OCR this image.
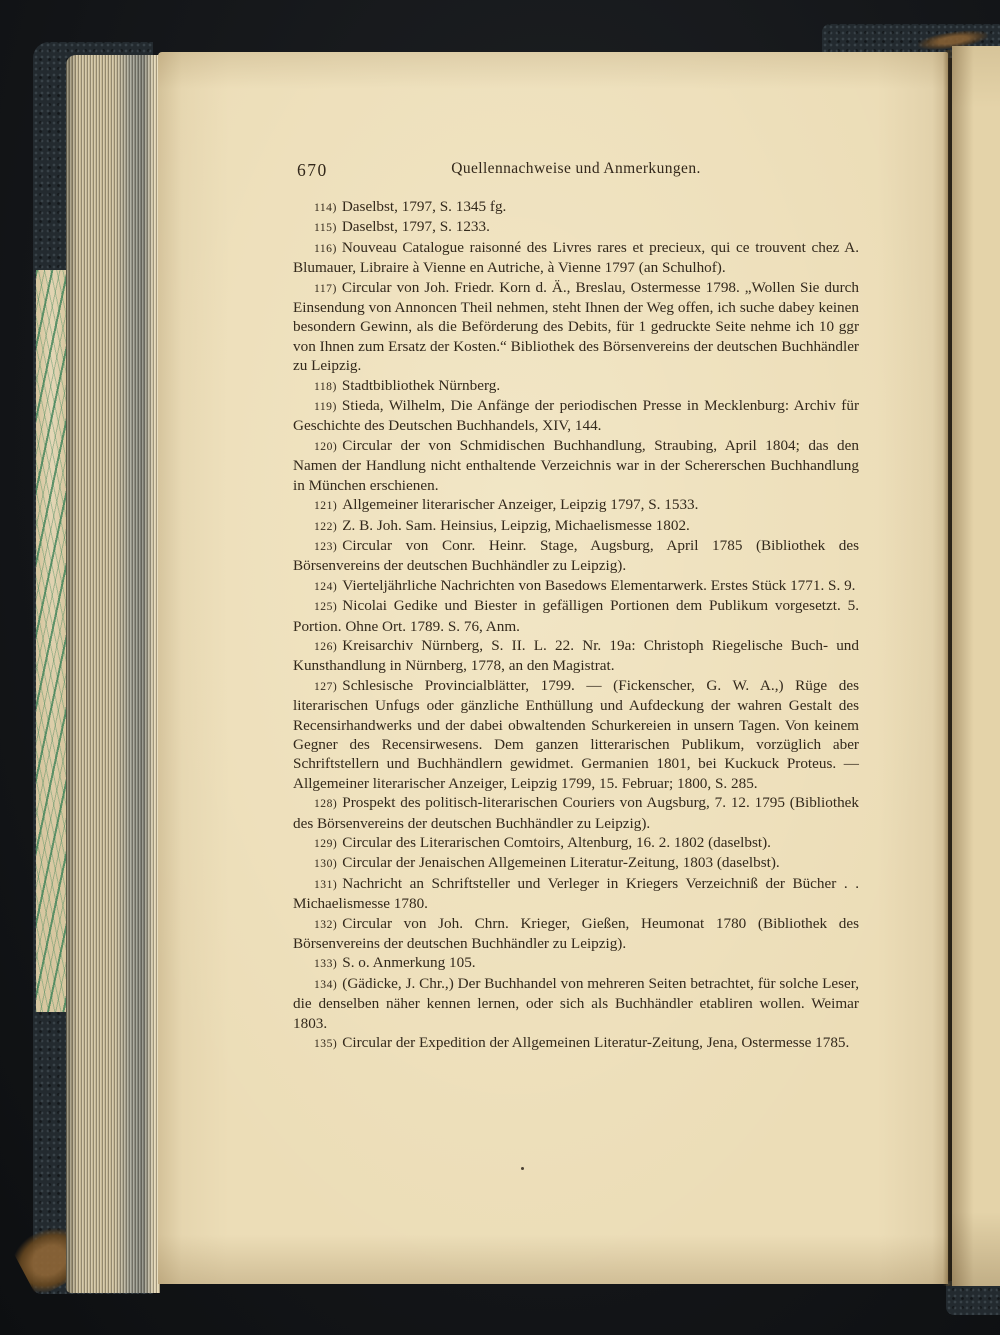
670	Quellennachweise und Anmerkungen.

114) Daselbst, 1797, S. 1345 fg.

115) Daselbst, 1797, S. 1233.

116) Nouveau Catalogue raisonné des Livres rares et precieux, qui ce trouvent chez A. Blumauer, Libraire à Vienne en Autriche, à Vienne 1797 (an Schulhof).

117) Circular von Joh. Friedr. Korn d. Ä., Breslau, Ostermesse 1798. „Wollen Sie durch Einsendung von Annoncen Theil nehmen, steht Ihnen der Weg offen, ich suche dabey keinen besondern Gewinn, als die Beförderung des Debits, für 1 gedruckte Seite nehme ich 10 ggr von Ihnen zum Ersatz der Kosten.“ Bibliothek des Börsenvereins der deutschen Buchhändler zu Leipzig.

118) Stadtbibliothek Nürnberg.

119) Stieda, Wilhelm, Die Anfänge der periodischen Presse in Mecklenburg: Archiv für Geschichte des Deutschen Buchhandels, XIV, 144.

120) Circular der von Schmidischen Buchhandlung, Straubing, April 1804; das den Namen der Handlung nicht enthaltende Verzeichnis war in der Schererschen Buchhandlung in München erschienen.

121) Allgemeiner literarischer Anzeiger, Leipzig 1797, S. 1533.

122) Z. B. Joh. Sam. Heinsius, Leipzig, Michaelismesse 1802.

123) Circular von Conr. Heinr. Stage, Augsburg, April 1785 (Bibliothek des Börsenvereins der deutschen Buchhändler zu Leipzig).

124) Vierteljährliche Nachrichten von Basedows Elementarwerk. Erstes Stück 1771. S. 9.

125) Nicolai Gedike und Biester in gefälligen Portionen dem Publikum vorgesetzt. 5. Portion. Ohne Ort. 1789. S. 76, Anm.

126) Kreisarchiv Nürnberg, S. II. L. 22. Nr. 19a: Christoph Riegelische Buch- und Kunsthandlung in Nürnberg, 1778, an den Magistrat.

127) Schlesische Provincialblätter, 1799. — (Fickenscher, G. W. A.,) Rüge des literarischen Unfugs oder gänzliche Enthüllung und Aufdeckung der wahren Gestalt des Recensirhandwerks und der dabei obwaltenden Schurkereien in unsern Tagen. Von keinem Gegner des Recensirwesens. Dem ganzen litterarischen Publikum, vorzüglich aber Schriftstellern und Buchhändlern gewidmet. Germanien 1801, bei Kuckuck Proteus. — Allgemeiner literarischer Anzeiger, Leipzig 1799, 15. Februar; 1800, S. 285.

128) Prospekt des politisch-literarischen Couriers von Augsburg, 7. 12. 1795 (Bibliothek des Börsenvereins der deutschen Buchhändler zu Leipzig).

129) Circular des Literarischen Comtoirs, Altenburg, 16. 2. 1802 (daselbst).

130) Circular der Jenaischen Allgemeinen Literatur-Zeitung, 1803 (daselbst).

131) Nachricht an Schriftsteller und Verleger in Kriegers Verzeichniß der Bücher . . Michaelismesse 1780.

132) Circular von Joh. Chrn. Krieger, Gießen, Heumonat 1780 (Bibliothek des Börsenvereins der deutschen Buchhändler zu Leipzig).

133) S. o. Anmerkung 105.

134) (Gädicke, J. Chr.,) Der Buchhandel von mehreren Seiten betrachtet, für solche Leser, die denselben näher kennen lernen, oder sich als Buchhändler etabliren wollen. Weimar 1803.

135) Circular der Expedition der Allgemeinen Literatur-Zeitung, Jena, Ostermesse 1785.
